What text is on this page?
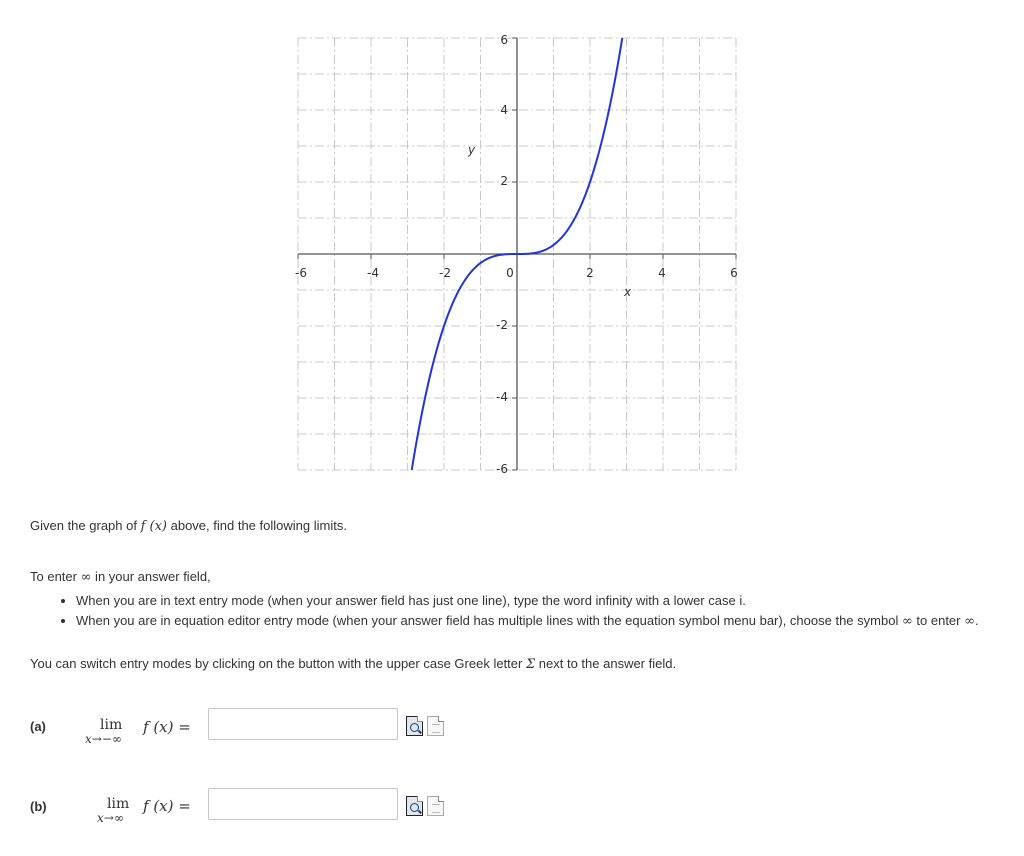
-6	-4	-2	0	2	4	6
6
4
2
-2
-4
-6
x
y
Given the graph of f (x) above, find the following limits.
To enter ∞ in your answer field,
• When you are in text entry mode (when your answer field has just one line), type the word infinity with a lower case i.
• When you are in equation editor entry mode (when your answer field has multiple lines with the equation symbol menu bar), choose the symbol ∞ to enter ∞.
You can switch entry modes by clicking on the button with the upper case Greek letter Σ next to the answer field.
(a)	lim
x→−∞
f (x) =
(b)	lim
x→∞
f (x) =
